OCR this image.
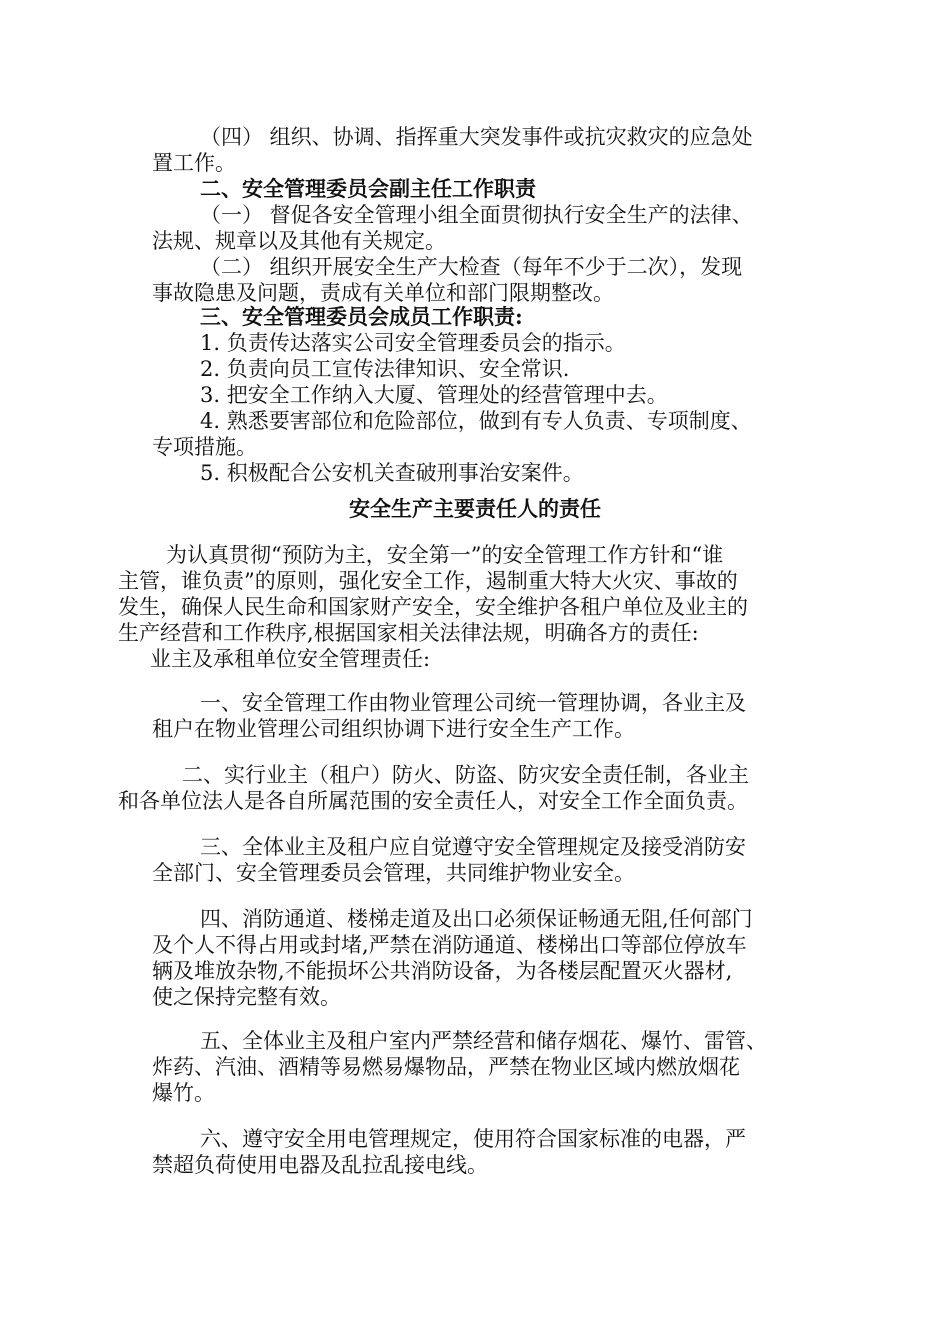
（四） 组织、协调、指挥重大突发事件或抗灾救灾的应急处

置工作。

二、安全管理委员会副主任工作职责

（一） 督促各安全管理小组全面贯彻执行安全生产的法律、

法规、规章以及其他有关规定。

（二） 组织开展安全生产大检查（每年不少于二次），发现

事故隐患及问题，责成有关单位和部门限期整改。

三、安全管理委员会成员工作职责:

1. 负责传达落实公司安全管理委员会的指示。

2. 负责向员工宣传法律知识、安全常识.

3. 把安全工作纳入大厦、管理处的经营管理中去。

4. 熟悉要害部位和危险部位，做到有专人负责、专项制度、

专项措施。

5. 积极配合公安机关查破刑事治安案件。

安全生产主要责任人的责任

为认真贯彻“预防为主，安全第一”的安全管理工作方针和“谁

主管，谁负责”的原则，强化安全工作，遏制重大特大火灾、事故的

发生，确保人民生命和国家财产安全，安全维护各租户单位及业主的

生产经营和工作秩序,根据国家相关法律法规，明确各方的责任:

业主及承租单位安全管理责任:

一、安全管理工作由物业管理公司统一管理协调，各业主及

租户在物业管理公司组织协调下进行安全生产工作。

二、实行业主（租户）防火、防盗、防灾安全责任制，各业主

和各单位法人是各自所属范围的安全责任人，对安全工作全面负责。

三、全体业主及租户应自觉遵守安全管理规定及接受消防安

全部门、安全管理委员会管理，共同维护物业安全。

四、消防通道、楼梯走道及出口必须保证畅通无阻,任何部门

及个人不得占用或封堵,严禁在消防通道、楼梯出口等部位停放车

辆及堆放杂物,不能损坏公共消防设备，为各楼层配置灭火器材,

使之保持完整有效。

五、全体业主及租户室内严禁经营和储存烟花、爆竹、雷管、

炸药、汽油、酒精等易燃易爆物品，严禁在物业区域内燃放烟花

爆竹。

六、遵守安全用电管理规定，使用符合国家标准的电器，严

禁超负荷使用电器及乱拉乱接电线。
